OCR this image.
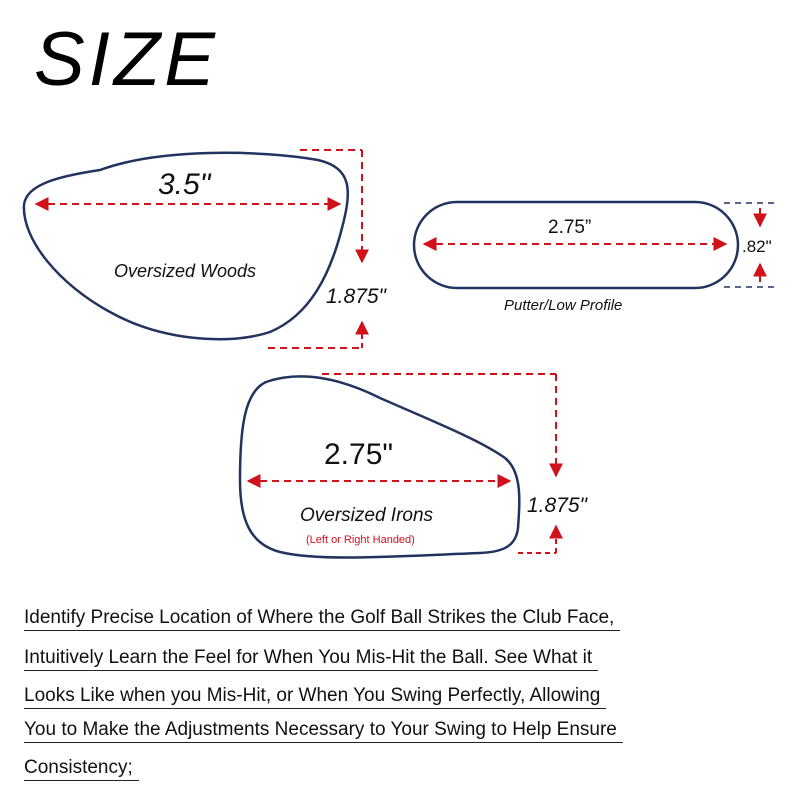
SIZE
3.5"
Oversized Woods
1.875"
2.75”
.82"
Putter/Low Profile
2.75"
Oversized Irons
(Left or Right Handed)
1.875"
Identify Precise Location of Where the Golf Ball Strikes the Club Face,
Intuitively Learn the Feel for When You Mis-Hit the Ball. See What it
Looks Like when you Mis-Hit, or When You Swing Perfectly, Allowing
You to Make the Adjustments Necessary to Your Swing to Help Ensure
Consistency;
